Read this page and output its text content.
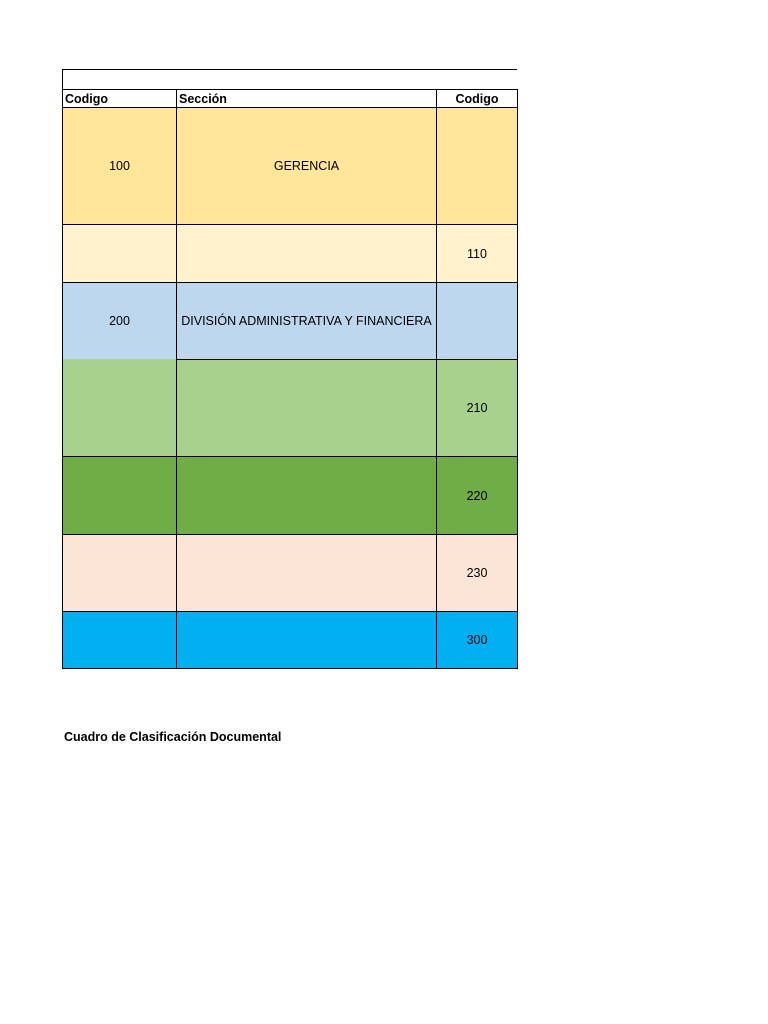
Codigo	Sección	Codigo
100	GERENCIA	
		110
200	DIVISIÓN ADMINISTRATIVA Y FINANCIERA	
		210
		220
		230
		300
Cuadro de Clasificación Documental
